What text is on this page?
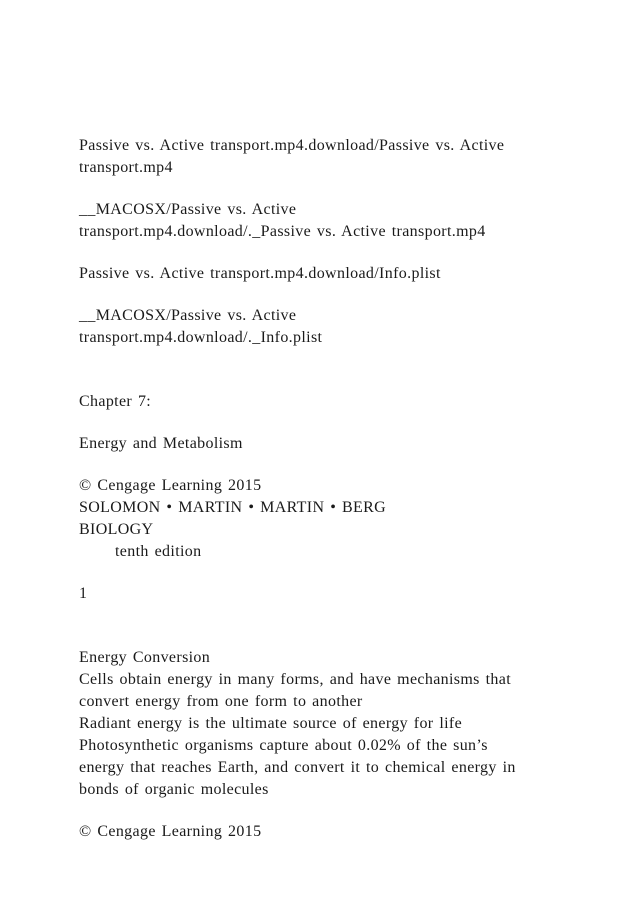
Passive vs. Active transport.mp4.download/Passive vs. Active
transport.mp4
__MACOSX/Passive vs. Active
transport.mp4.download/._Passive vs. Active transport.mp4
Passive vs. Active transport.mp4.download/Info.plist
__MACOSX/Passive vs. Active
transport.mp4.download/._Info.plist
Chapter 7:
Energy and Metabolism
© Cengage Learning 2015
SOLOMON • MARTIN • MARTIN • BERG
BIOLOGY
tenth edition
1
Energy Conversion
Cells obtain energy in many forms, and have mechanisms that
convert energy from one form to another
Radiant energy is the ultimate source of energy for life
Photosynthetic organisms capture about 0.02% of the sun’s
energy that reaches Earth, and convert it to chemical energy in
bonds of organic molecules
© Cengage Learning 2015
